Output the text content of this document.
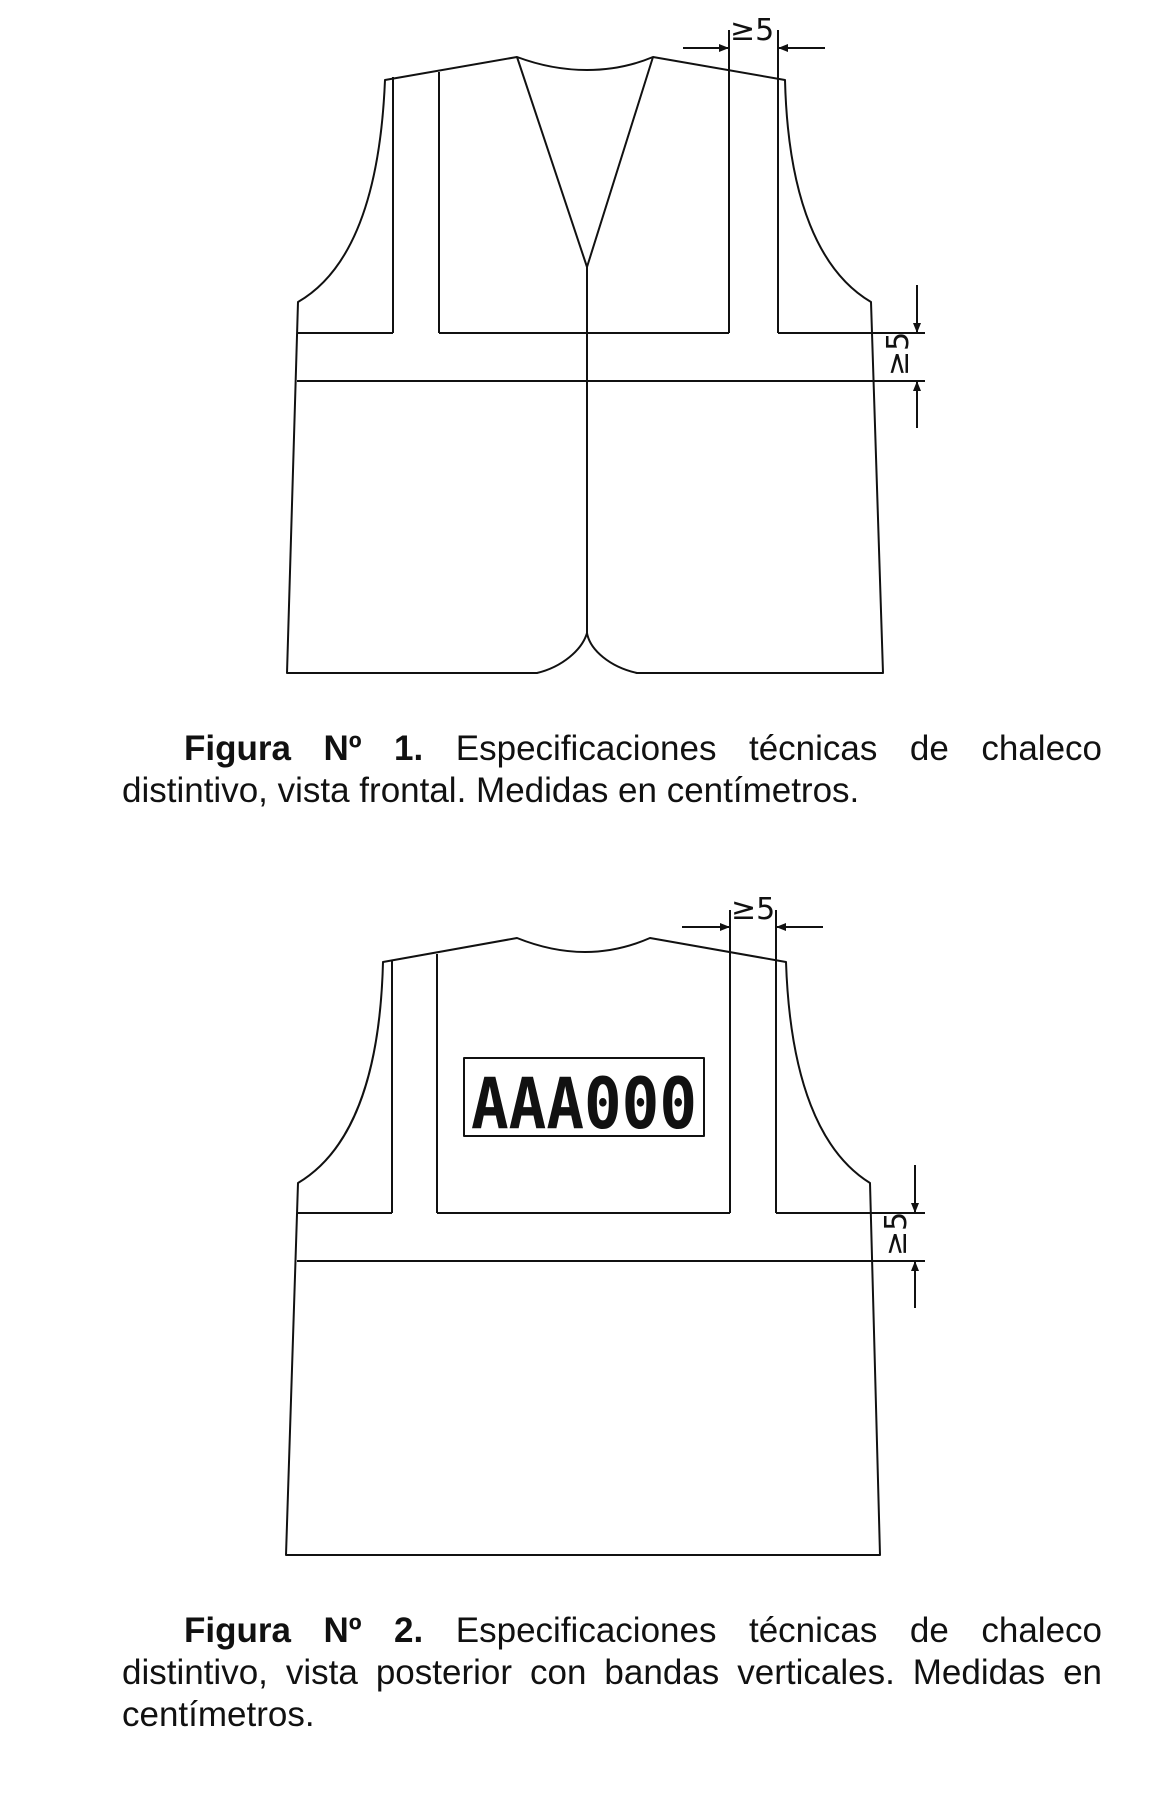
≥5
≥5
Figura Nº 1. Especificaciones técnicas de chaleco distintivo, vista frontal. Medidas en centímetros.
AAA000
≥5
≥5
Figura Nº 2. Especificaciones técnicas de chaleco distintivo, vista posterior con bandas verticales. Medidas en centímetros.
